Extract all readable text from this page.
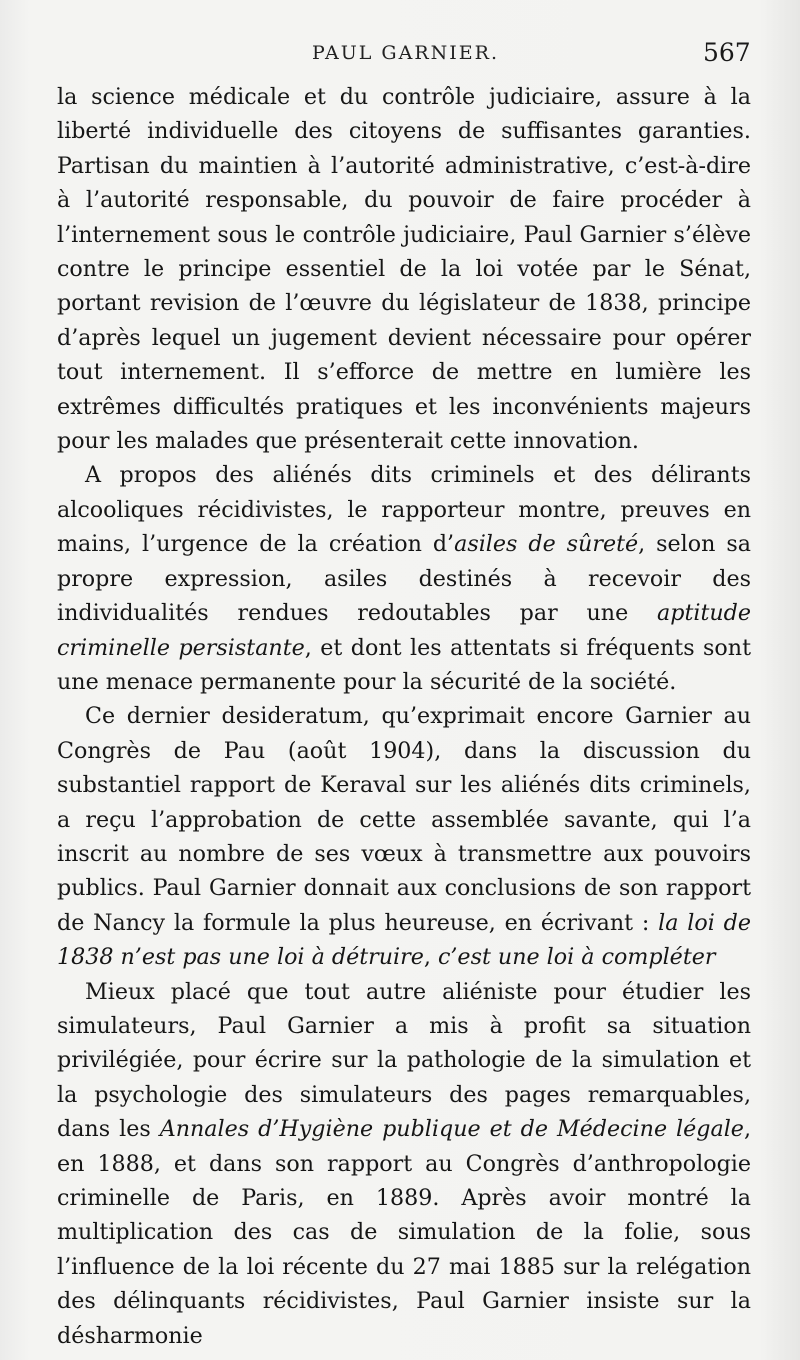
PAUL GARNIER.	567

la science médicale et du contrôle judiciaire, assure à la liberté individuelle des citoyens de suffisantes garanties. Partisan du maintien à l’autorité administrative, c’est-à-dire à l’autorité responsable, du pouvoir de faire procéder à l’internement sous le contrôle judiciaire, Paul Garnier s’élève contre le principe essentiel de la loi votée par le Sénat, portant revision de l’œuvre du législateur de 1838, principe d’après lequel un jugement devient nécessaire pour opérer tout internement. Il s’efforce de mettre en lumière les extrêmes difficultés pratiques et les inconvénients majeurs pour les malades que présenterait cette innovation.

A propos des aliénés dits criminels et des délirants alcooliques récidivistes, le rapporteur montre, preuves en mains, l’urgence de la création d’asiles de sûreté, selon sa propre expression, asiles destinés à recevoir des individualités rendues redoutables par une aptitude criminelle persistante, et dont les attentats si fréquents sont une menace permanente pour la sécurité de la société.

Ce dernier desideratum, qu’exprimait encore Garnier au Congrès de Pau (août 1904), dans la discussion du substantiel rapport de Keraval sur les aliénés dits criminels, a reçu l’approbation de cette assemblée savante, qui l’a inscrit au nombre de ses vœux à transmettre aux pouvoirs publics. Paul Garnier donnait aux conclusions de son rapport de Nancy la formule la plus heureuse, en écrivant : la loi de 1838 n’est pas une loi à détruire, c’est une loi à compléter

Mieux placé que tout autre aliéniste pour étudier les simulateurs, Paul Garnier a mis à profit sa situation privilégiée, pour écrire sur la pathologie de la simulation et la psychologie des simulateurs des pages remarquables, dans les Annales d’Hygiène publique et de Médecine légale, en 1888, et dans son rapport au Congrès d’anthropologie criminelle de Paris, en 1889. Après avoir montré la multiplication des cas de simulation de la folie, sous l’influence de la loi récente du 27 mai 1885 sur la relégation des délinquants récidivistes, Paul Garnier insiste sur la désharmonie
